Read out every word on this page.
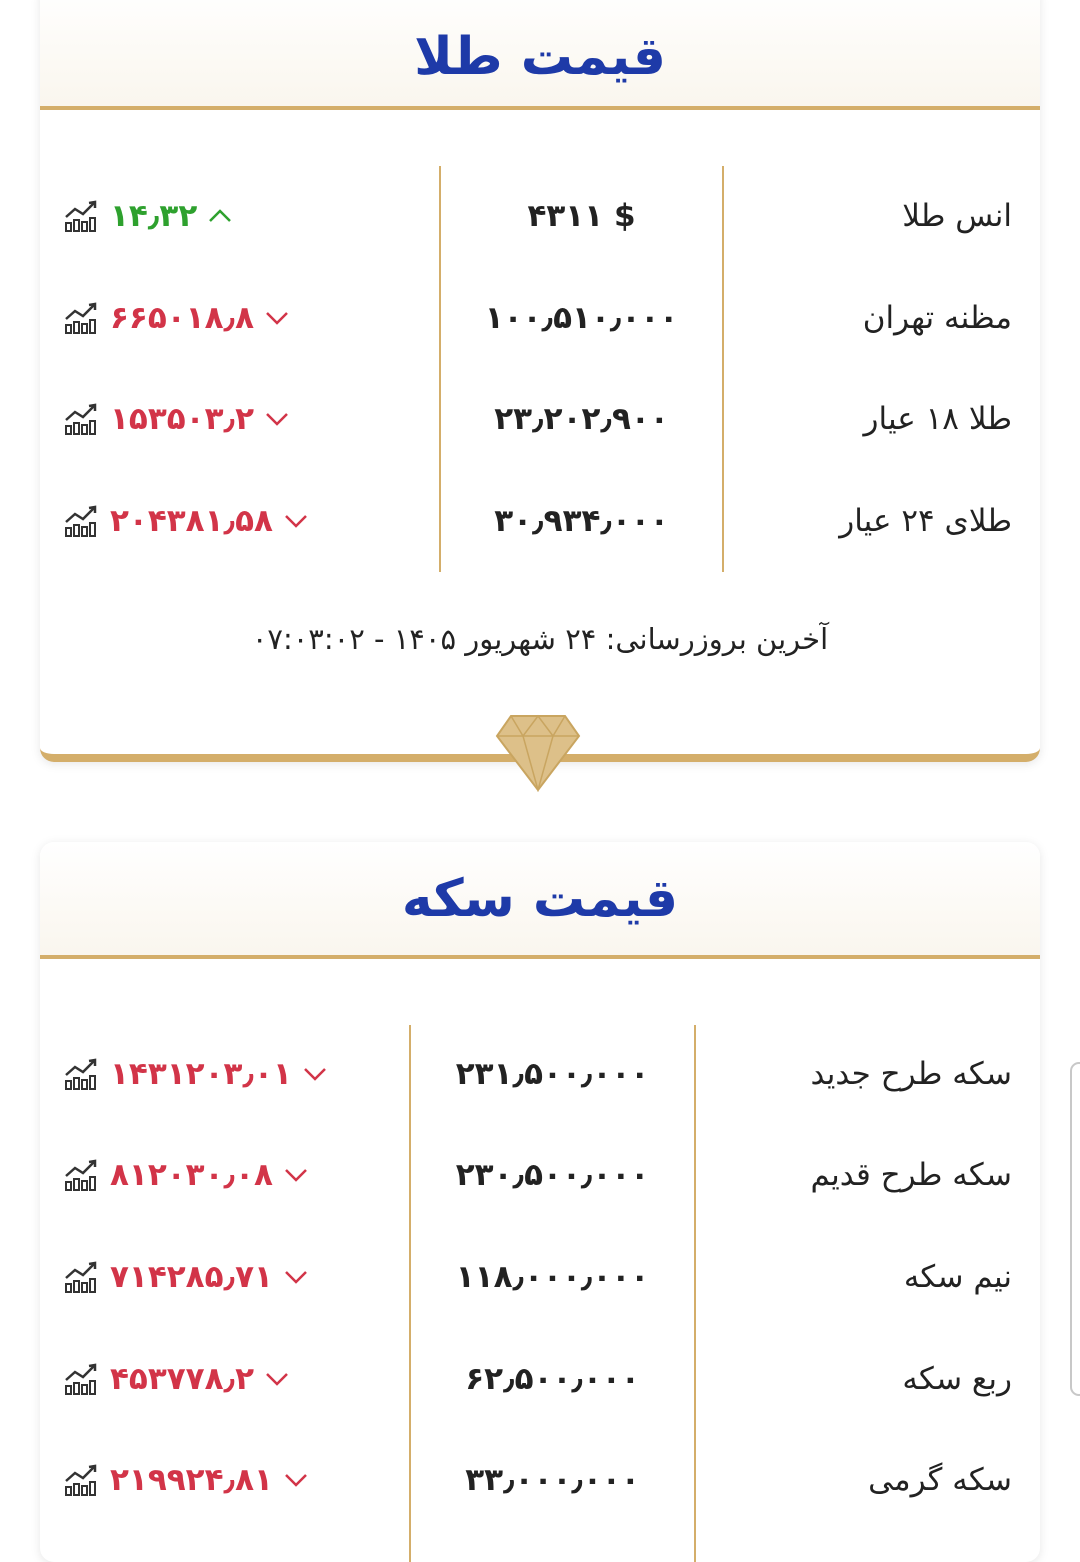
قیمت طلا
انس طلا
۴۳۱۱ $
۱۴٫۳۲
مظنه تهران
۱۰۰٫۵۱۰٫۰۰۰
۶۶۵۰۱۸٫۸
طلا ۱۸ عیار
۲۳٫۲۰۲٫۹۰۰
۱۵۳۵۰۳٫۲
طلای ۲۴ عیار
۳۰٫۹۳۴٫۰۰۰
۲۰۴۳۸۱٫۵۸
آخرین بروزرسانی: ۲۴ شهریور ۱۴۰۵ - ۰۷:۰۳:۰۲
قیمت سکه
سکه طرح جدید
۲۳۱٫۵۰۰٫۰۰۰
۱۴۳۱۲۰۳٫۰۱
سکه طرح قدیم
۲۳۰٫۵۰۰٫۰۰۰
۸۱۲۰۳۰٫۰۸
نیم سکه
۱۱۸٫۰۰۰٫۰۰۰
۷۱۴۲۸۵٫۷۱
ربع سکه
۶۲٫۵۰۰٫۰۰۰
۴۵۳۷۷۸٫۲
سکه گرمی
۳۳٫۰۰۰٫۰۰۰
۲۱۹۹۲۴٫۸۱
